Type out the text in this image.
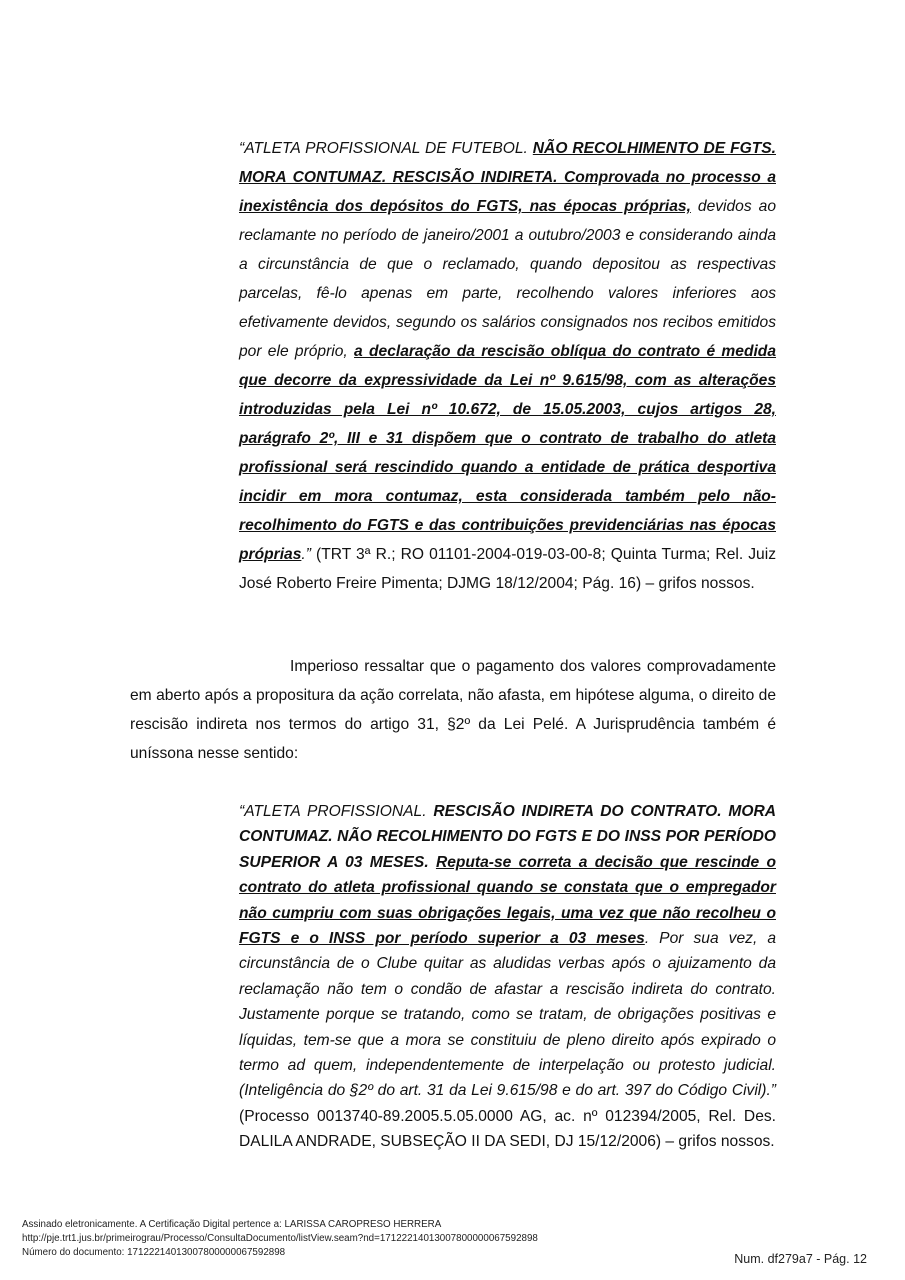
“ATLETA PROFISSIONAL DE FUTEBOL. NÃO RECOLHIMENTO DE FGTS. MORA CONTUMAZ. RESCISÃO INDIRETA. Comprovada no processo a inexistência dos depósitos do FGTS, nas épocas próprias, devidos ao reclamante no período de janeiro/2001 a outubro/2003 e considerando ainda a circunstância de que o reclamado, quando depositou as respectivas parcelas, fê-lo apenas em parte, recolhendo valores inferiores aos efetivamente devidos, segundo os salários consignados nos recibos emitidos por ele próprio, a declaração da rescisão oblíqua do contrato é medida que decorre da expressividade da Lei nº 9.615/98, com as alterações introduzidas pela Lei nº 10.672, de 15.05.2003, cujos artigos 28, parágrafo 2º, III e 31 dispõem que o contrato de trabalho do atleta profissional será rescindido quando a entidade de prática desportiva incidir em mora contumaz, esta considerada também pelo não-recolhimento do FGTS e das contribuições previdenciárias nas épocas próprias.” (TRT 3ª R.; RO 01101-2004-019-03-00-8; Quinta Turma; Rel. Juiz José Roberto Freire Pimenta; DJMG 18/12/2004; Pág. 16) – grifos nossos.
Imperioso ressaltar que o pagamento dos valores comprovadamente em aberto após a propositura da ação correlata, não afasta, em hipótese alguma, o direito de rescisão indireta nos termos do artigo 31, §2º da Lei Pelé. A Jurisprudência também é uníssona nesse sentido:
“ATLETA PROFISSIONAL. RESCISÃO INDIRETA DO CONTRATO. MORA CONTUMAZ. NÃO RECOLHIMENTO DO FGTS E DO INSS POR PERÍODO SUPERIOR A 03 MESES. Reputa-se correta a decisão que rescinde o contrato do atleta profissional quando se constata que o empregador não cumpriu com suas obrigações legais, uma vez que não recolheu o FGTS e o INSS por período superior a 03 meses. Por sua vez, a circunstância de o Clube quitar as aludidas verbas após o ajuizamento da reclamação não tem o condão de afastar a rescisão indireta do contrato. Justamente porque se tratando, como se tratam, de obrigações positivas e líquidas, tem-se que a mora se constituiu de pleno direito após expirado o termo ad quem, independentemente de interpelação ou protesto judicial. (Inteligência do §2º do art. 31 da Lei 9.615/98 e do art. 397 do Código Civil).” (Processo 0013740-89.2005.5.05.0000 AG, ac. nº 012394/2005, Rel. Des. DALILA ANDRADE, SUBSEÇÃO II DA SEDI, DJ 15/12/2006) – grifos nossos.
Assinado eletronicamente. A Certificação Digital pertence a: LARISSA CAROPRESO HERRERA
http://pje.trt1.jus.br/primeirograu/Processo/ConsultaDocumento/listView.seam?nd=17122214013007800000067592898
Número do documento: 17122214013007800000067592898	Num. df279a7 - Pág. 12
